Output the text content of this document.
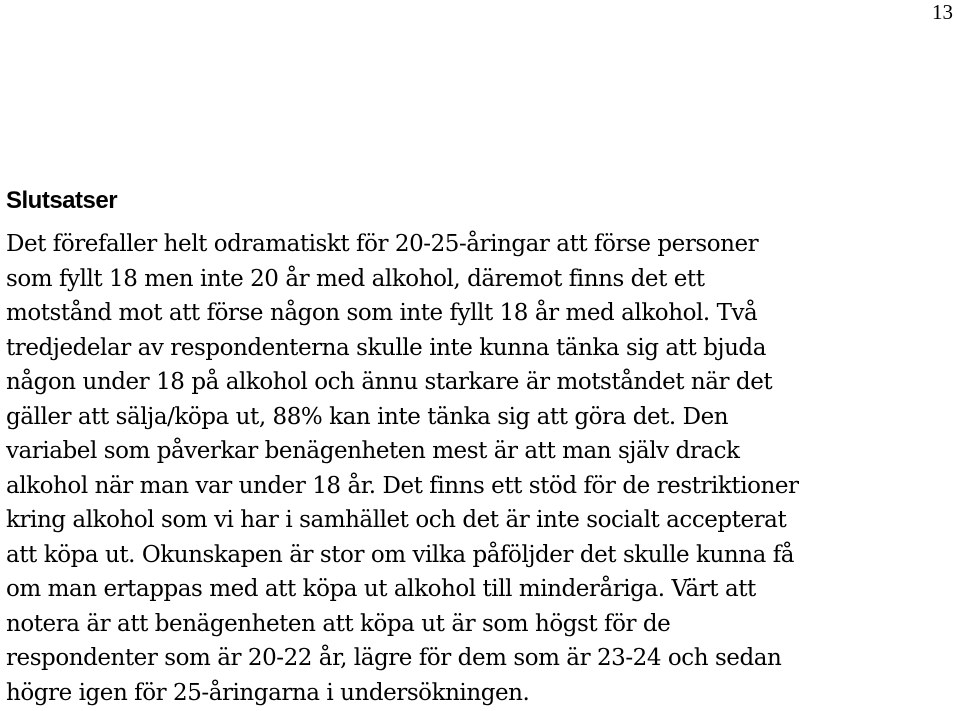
13
Slutsatser
Det förefaller helt odramatiskt för 20-25-åringar att förse personer
som fyllt 18 men inte 20 år med alkohol, däremot finns det ett
motstånd mot att förse någon som inte fyllt 18 år med alkohol. Två
tredjedelar av respondenterna skulle inte kunna tänka sig att bjuda
någon under 18 på alkohol och ännu starkare är motståndet när det
gäller att sälja/köpa ut, 88% kan inte tänka sig att göra det. Den
variabel som påverkar benägenheten mest är att man själv drack
alkohol när man var under 18 år. Det finns ett stöd för de restriktioner
kring alkohol som vi har i samhället och det är inte socialt accepterat
att köpa ut. Okunskapen är stor om vilka påföljder det skulle kunna få
om man ertappas med att köpa ut alkohol till minderåriga. Värt att
notera är att benägenheten att köpa ut är som högst för de
respondenter som är 20-22 år, lägre för dem som är 23-24 och sedan
högre igen för 25-åringarna i undersökningen.
